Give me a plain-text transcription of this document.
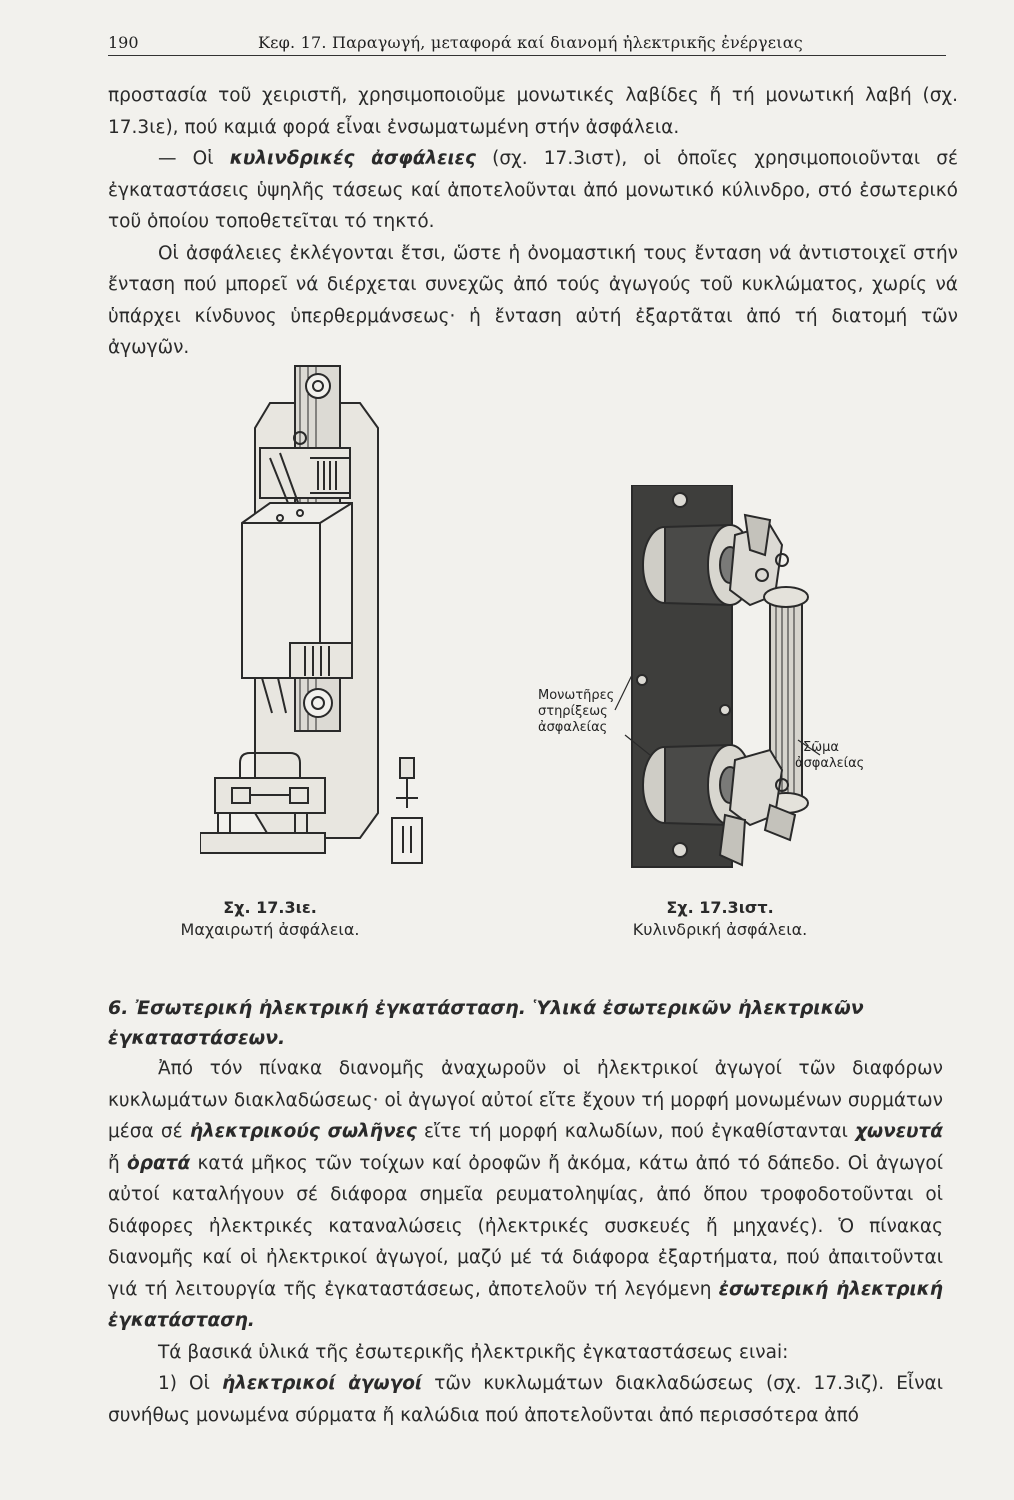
190	Κεφ. 17. Παραγωγή, μεταφορά καί διανομή ἠλεκτρικῆς ἐνέργειας

προστασία τοῦ χειριστῆ, χρησιμοποιοῦμε μονωτικές λαβίδες ἤ τή μονωτική λαβή (σχ. 17.3ιε), πού καμιά φορά εἶναι ἐνσωματωμένη στήν ἀσφάλεια.

— Οἱ κυλινδρικές ἀσφάλειες (σχ. 17.3ιστ), οἱ ὁποῖες χρησιμοποιοῦνται σέ ἐγκαταστάσεις ὑψηλῆς τάσεως καί ἀποτελοῦνται ἀπό μονωτικό κύλινδρο, στό ἐσωτερικό τοῦ ὁποίου τοποθετεῖται τό τηκτό.

Οἱ ἀσφάλειες ἐκλέγονται ἔτσι, ὥστε ἡ ὀνομαστική τους ἔνταση νά ἀντιστοιχεῖ στήν ἔνταση πού μπορεῖ νά διέρχεται συνεχῶς ἀπό τούς ἀγωγούς τοῦ κυκλώματος, χωρίς νά ὑπάρχει κίνδυνος ὑπερθερμάνσεως· ἡ ἔνταση αὐτή ἐξαρτᾶται ἀπό τή διατομή τῶν ἀγωγῶν.

Μονωτῆρες
στηρίξεως
ἀσφαλείας
Σῶμα
ἀσφαλείας
Σχ. 17.3ιε.
Μαχαιρωτή ἀσφάλεια.
Σχ. 17.3ιστ.
Κυλινδρική ἀσφάλεια.

6. Ἐσωτερική ἠλεκτρική ἐγκατάσταση. Ὑλικά ἐσωτερικῶν ἠλεκτρικῶν ἐγκαταστάσεων.

Ἀπό τόν πίνακα διανομῆς ἀναχωροῦν οἱ ἠλεκτρικοί ἀγωγοί τῶν διαφόρων κυκλωμάτων διακλαδώσεως· οἱ ἀγωγοί αὐτοί εἴτε ἔχουν τή μορφή μονωμένων συρμάτων μέσα σέ ἠλεκτρικούς σωλῆνες εἴτε τή μορφή καλωδίων, πού ἐγκαθίστανται χωνευτά ἤ ὁρατά κατά μῆκος τῶν τοίχων καί ὀροφῶν ἤ ἀκόμα, κάτω ἀπό τό δάπεδο. Οἱ ἀγωγοί αὐτοί καταλήγουν σέ διάφορα σημεῖα ρευματοληψίας, ἀπό ὅπου τροφοδοτοῦνται οἱ διάφορες ἠλεκτρικές καταναλώσεις (ἠλεκτρικές συσκευές ἤ μηχανές). Ὁ πίνακας διανομῆς καί οἱ ἠλεκτρικοί ἀγωγοί, μαζύ μέ τά διάφορα ἐξαρτήματα, πού ἀπαιτοῦνται γιά τή λειτουργία τῆς ἐγκαταστάσεως, ἀποτελοῦν τή λεγόμενη ἐσωτερική ἠλεκτρική ἐγκατάσταση.

Τά βασικά ὑλικά τῆς ἐσωτερικῆς ἠλεκτρικῆς ἐγκαταστάσεως εινai:

1) Οἱ ἠλεκτρικοί ἀγωγοί τῶν κυκλωμάτων διακλαδώσεως (σχ. 17.3ιζ). Εἶναι συνήθως μονωμένα σύρματα ἤ καλώδια πού ἀποτελοῦνται ἀπό περισσότερα ἀπό
